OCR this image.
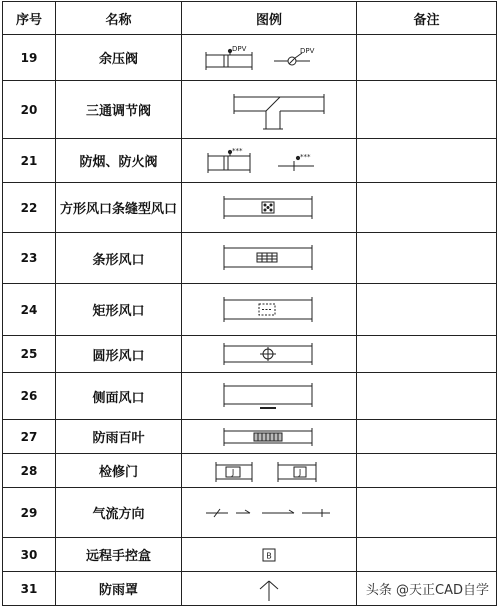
序号	名称	图例	备注
19	余压阀	DPV DPV	

20	三通调节阀	

21	防烟、防火阀	***
***	

22	方形风口条缝型风口	

23	条形风口	

24	矩形风口	

25	圆形风口	

26	侧面风口	

27	防雨百叶	

28	检修门	J J	

29	气流方向	

30	远程手控盒	B	

31	防雨罩	
		头条 @天正CAD自学
